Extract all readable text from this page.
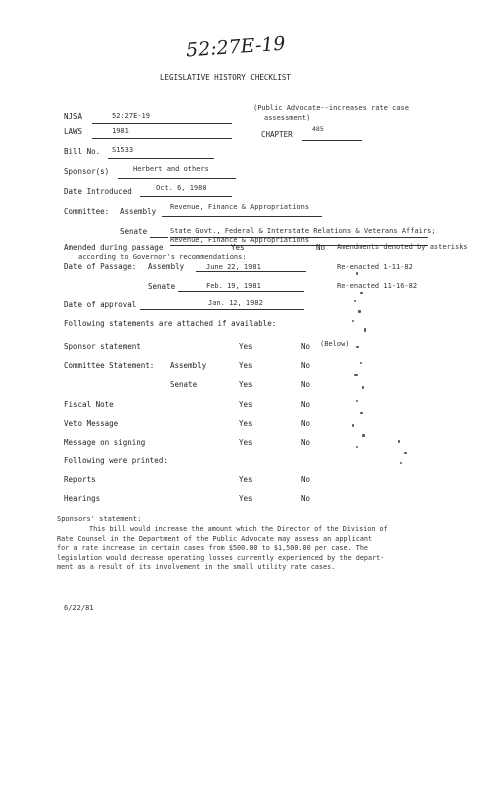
52:27E-19
LEGISLATIVE HISTORY CHECKLIST
NJSA	52:27E-19
(Public Advocate--increases rate case
assessment)
LAWS	1981	CHAPTER
485
Bill No. S1533
Sponsor(s)	Herbert and others
Date Introduced	Oct. 6, 1980
Committee: Assembly Revenue, Finance & Appropriations
Senate	State Govt., Federal & Interstate Relations & Veterans Affairs;
Revenue, Finance & Appropriations
Amended during passage	Yes	No Amendments denoted by asterisks
according to Governor's recommendations:
Date of Passage: Assembly	June 22, 1981	Re-enacted 1-11-82
Senate	Feb. 19, 1981	Re-enacted 11-16-82
Date of approval	Jan. 12, 1982
Following statements are attached if available:
Sponsor statement	Yes	No (Below)
Committee Statement: Assembly	Yes	No
Senate	Yes	No
Fiscal Note	Yes	No
Veto Message	Yes	No
Message on signing	Yes	No
Following were printed:
Reports	Yes	No
Hearings	Yes	No
Sponsors' statement:
This bill would increase the amount which the Director of the Division of
Rate Counsel in the Department of the Public Advocate may assess an applicant
for a rate increase in certain cases from $500.00 to $1,500.00 per case. The
legislation would decrease operating losses currently experienced by the depart-
ment as a result of its involvement in the small utility rate cases.
6/22/81
